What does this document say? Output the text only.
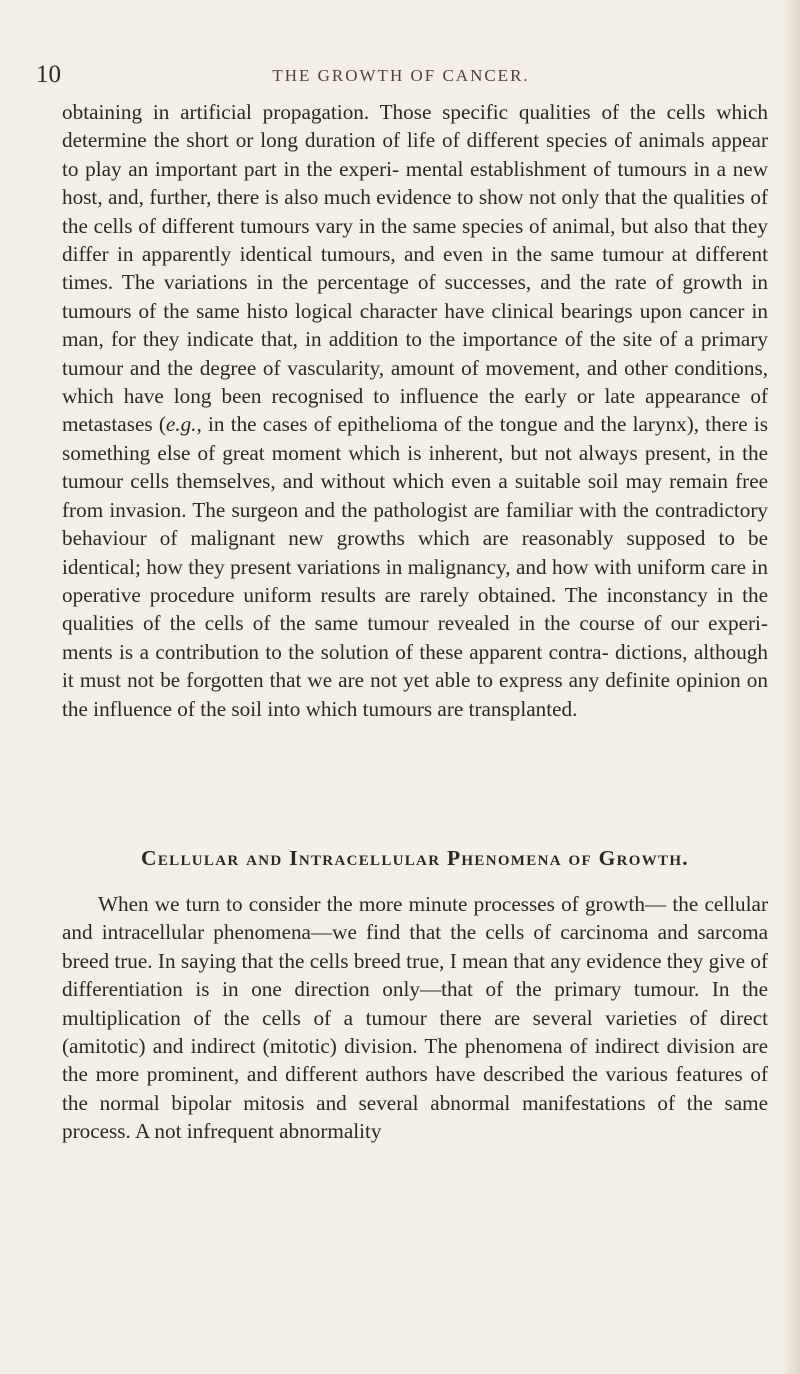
10	THE GROWTH OF CANCER.

obtaining in artificial propagation. Those specific qualities of the cells which determine the short or long duration of life of different species of animals appear to play an important part in the experi- mental establishment of tumours in a new host, and, further, there is also much evidence to show not only that the qualities of the cells of different tumours vary in the same species of animal, but also that they differ in apparently identical tumours, and even in the same tumour at different times. The variations in the percentage of successes, and the rate of growth in tumours of the same histo logical character have clinical bearings upon cancer in man, for they indicate that, in addition to the importance of the site of a primary tumour and the degree of vascularity, amount of movement, and other conditions, which have long been recognised to influence the early or late appearance of metastases (e.g., in the cases of epithelioma of the tongue and the larynx), there is something else of great moment which is inherent, but not always present, in the tumour cells themselves, and without which even a suitable soil may remain free from invasion. The surgeon and the pathologist are familiar with the contradictory behaviour of malignant new growths which are reasonably supposed to be identical; how they present variations in malignancy, and how with uniform care in operative procedure uniform results are rarely obtained. The inconstancy in the qualities of the cells of the same tumour revealed in the course of our experi- ments is a contribution to the solution of these apparent contra- dictions, although it must not be forgotten that we are not yet able to express any definite opinion on the influence of the soil into which tumours are transplanted.

Cellular and Intracellular Phenomena of Growth.

When we turn to consider the more minute processes of growth— the cellular and intracellular phenomena—we find that the cells of carcinoma and sarcoma breed true. In saying that the cells breed true, I mean that any evidence they give of differentiation is in one direction only—that of the primary tumour. In the multiplication of the cells of a tumour there are several varieties of direct (amitotic) and indirect (mitotic) division. The phenomena of indirect division are the more prominent, and different authors have described the various features of the normal bipolar mitosis and several abnormal manifestations of the same process. A not infrequent abnormality
